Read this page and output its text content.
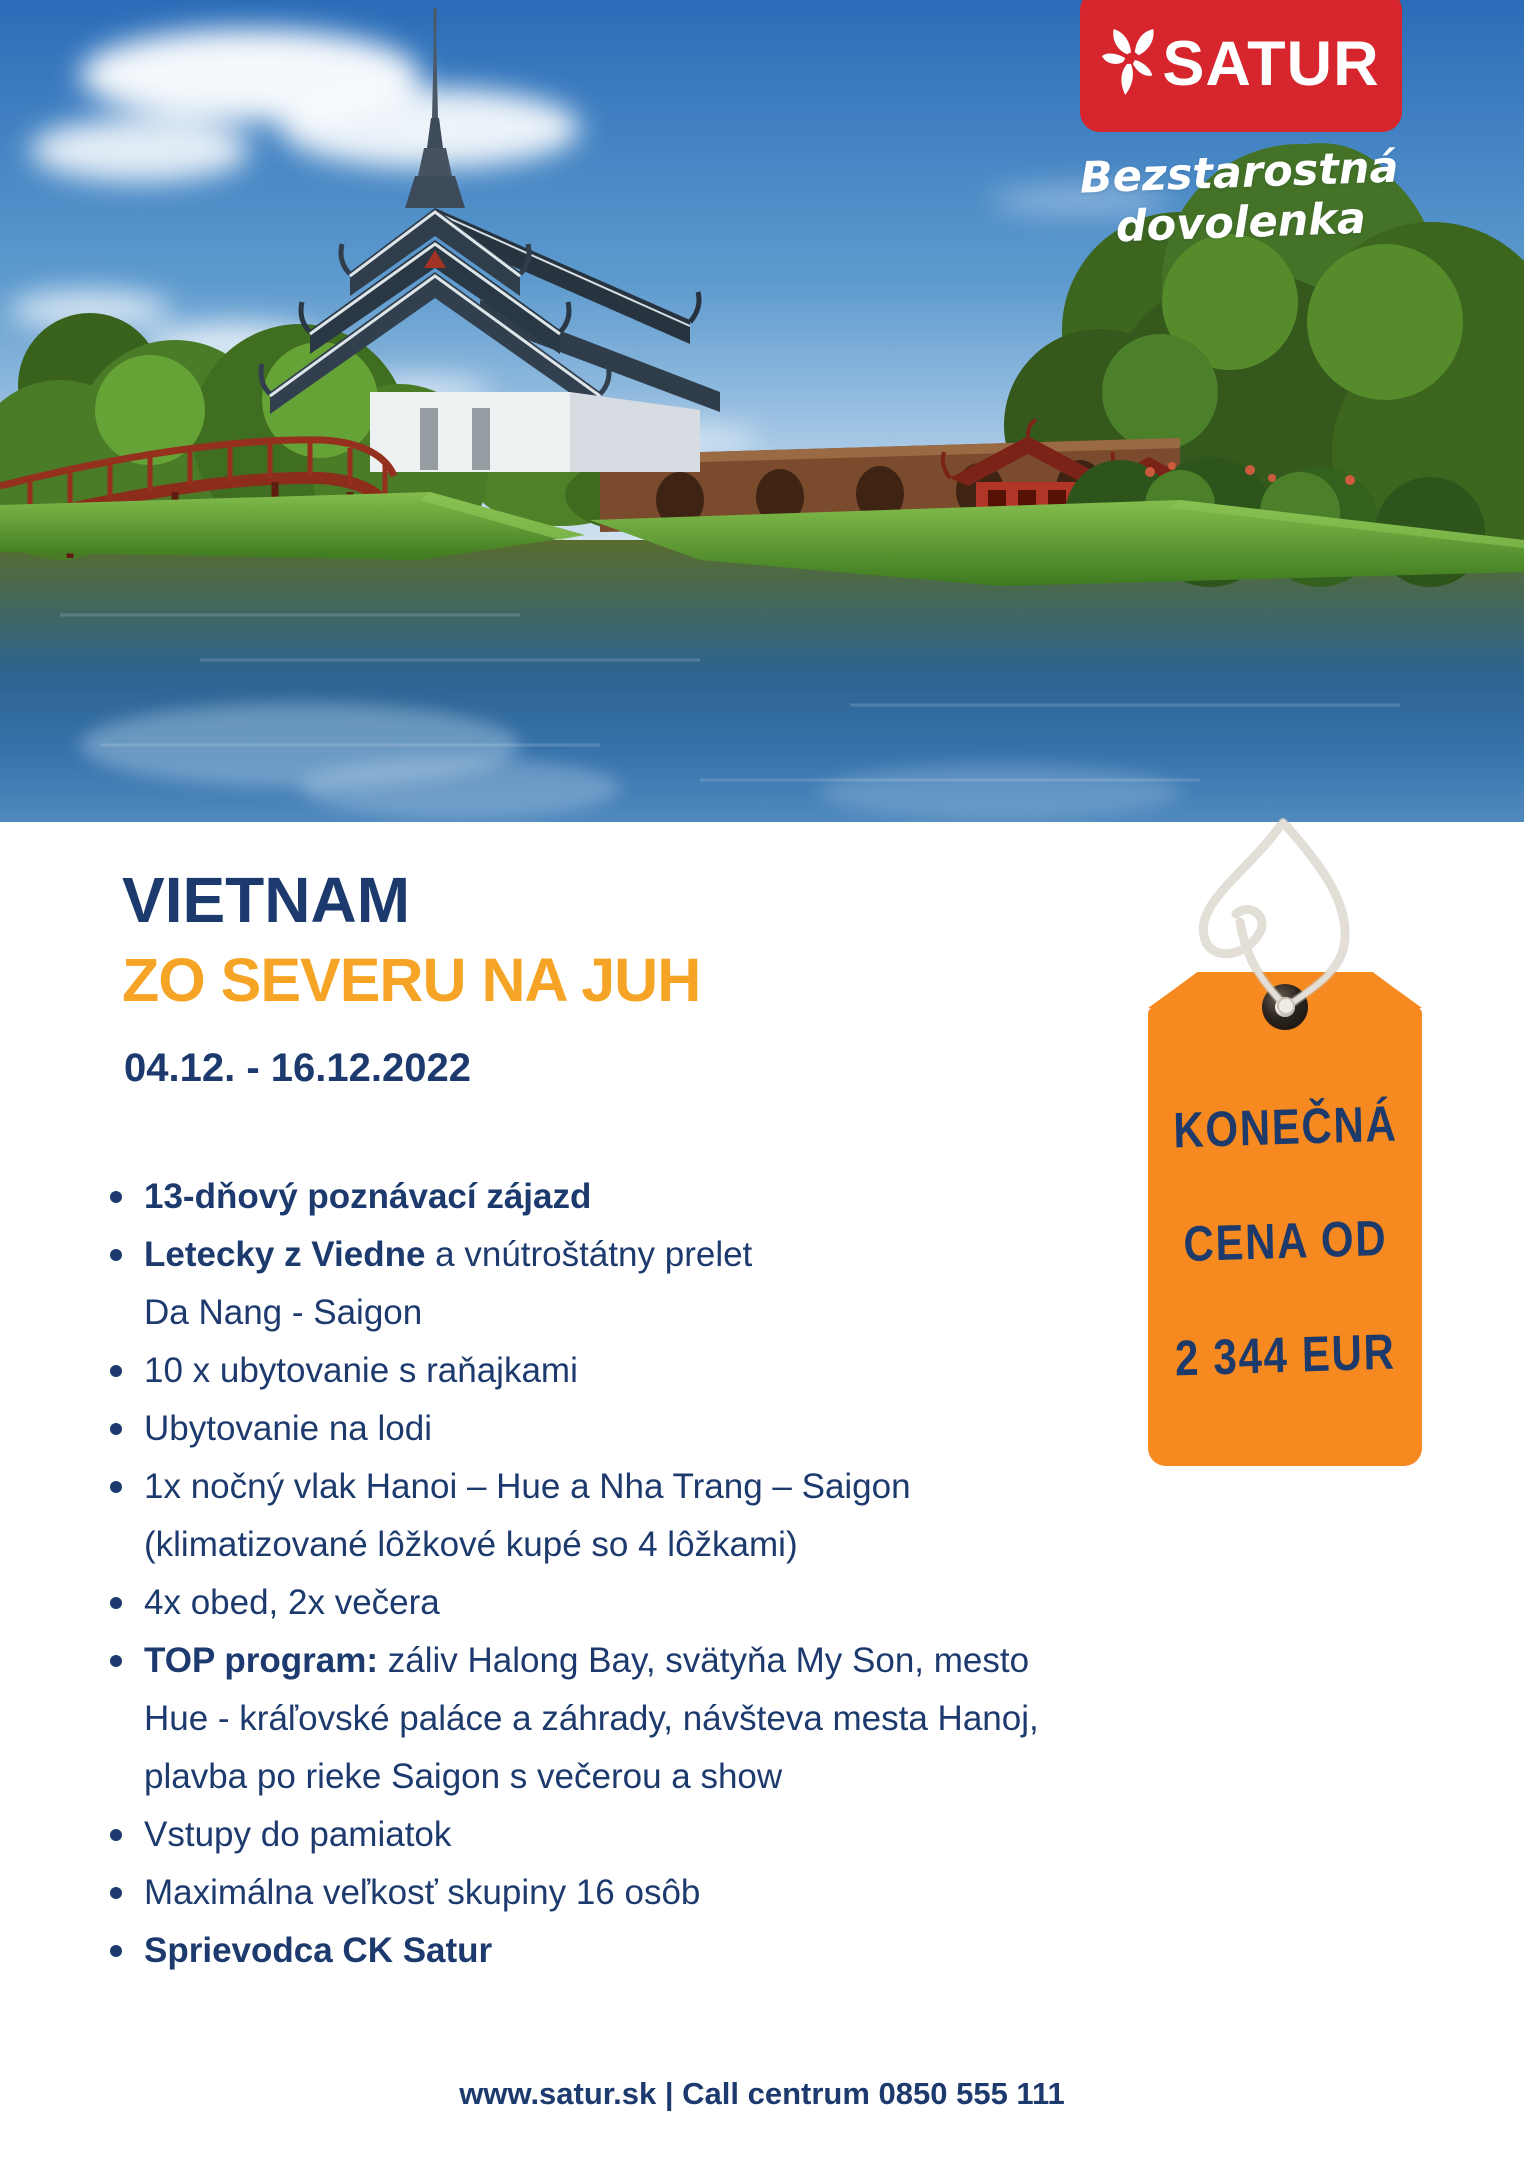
SATUR
Bezstarostná dovolenka
VIETNAM
ZO SEVERU NA JUH
04.12. - 16.12.2022
13-dňový poznávací zájazd
Letecky z Viedne a vnútroštátny prelet
Da Nang - Saigon
10 x ubytovanie s raňajkami
Ubytovanie na lodi
1x nočný vlak Hanoi – Hue a Nha Trang – Saigon
(klimatizované lôžkové kupé so 4 lôžkami)
4x obed, 2x večera
TOP program: záliv Halong Bay, svätyňa My Son, mesto
Hue - kráľovské paláce a záhrady, návšteva mesta Hanoj,
plavba po rieke Saigon s večerou a show
Vstupy do pamiatok
Maximálna veľkosť skupiny 16 osôb
Sprievodca CK Satur
KONEČNÁ
CENA OD
2 344 EUR
www.satur.sk | Call centrum 0850 555 111
